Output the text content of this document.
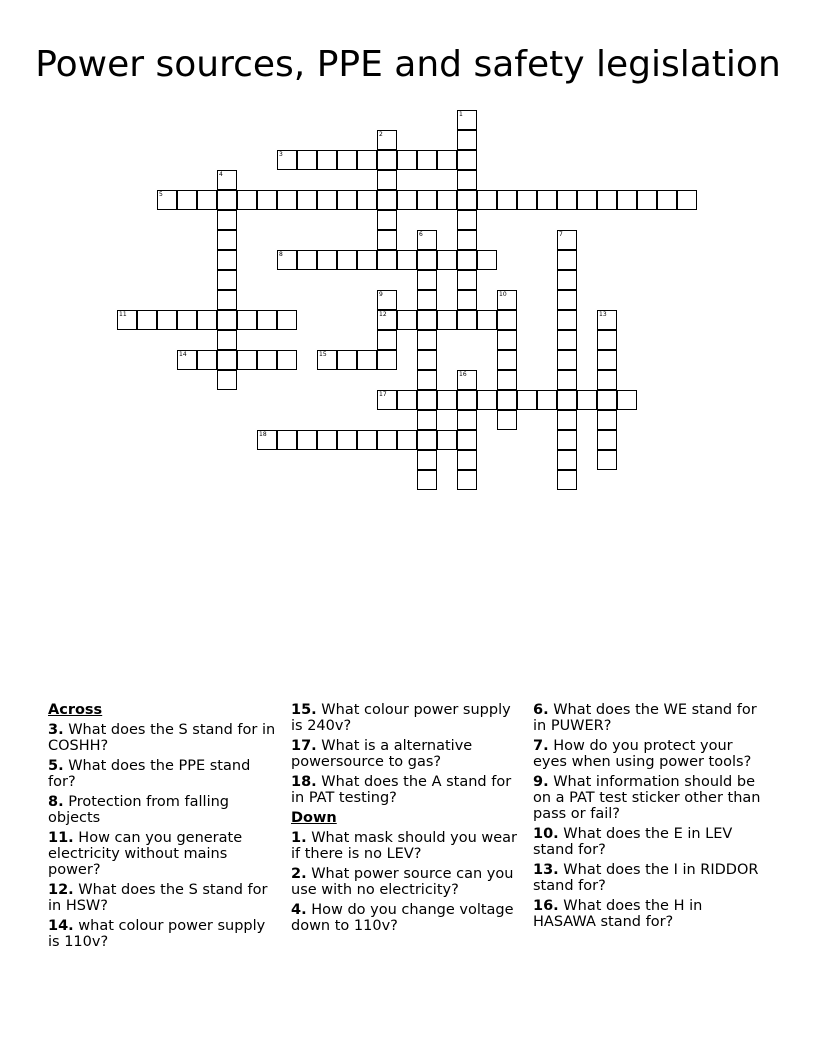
Power sources, PPE and safety legislation
1
2
3
4
5
6	7
8
9
12
10
11	13
14	15
16
17
18
Across
3. What does the S stand for in COSHH?
5. What does the PPE stand for?
8. Protection from falling objects
11. How can you generate electricity without mains power?
12. What does the S stand for in HSW?
14. what colour power supply is 110v?
15. What colour power supply is 240v?
17. What is a alternative powersource to gas?
18. What does the A stand for in PAT testing?
Down
1. What mask should you wear if there is no LEV?
2. What power source can you use with no electricity?
4. How do you change voltage down to 110v?
6. What does the WE stand for in PUWER?
7. How do you protect your eyes when using power tools?
9. What information should be on a PAT test sticker other than pass or fail?
10. What does the E in LEV stand for?
13. What does the I in RIDDOR stand for?
16. What does the H in HASAWA stand for?
